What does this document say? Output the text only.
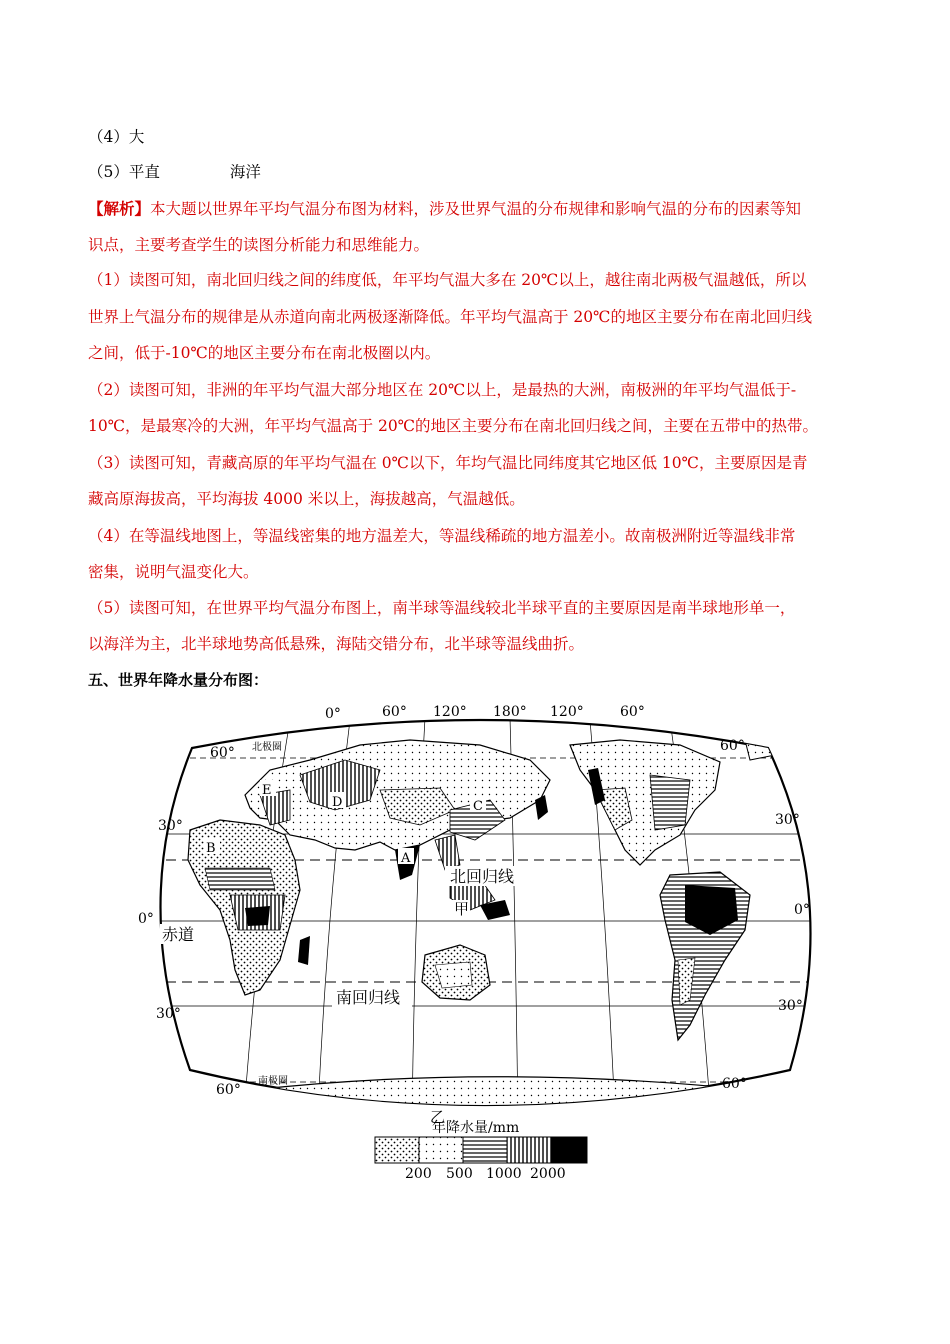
（4）大
（5）平直	海洋
【解析】本大题以世界年平均气温分布图为材料，涉及世界气温的分布规律和影响气温的分布的因素等知
识点，主要考查学生的读图分析能力和思维能力。
（1）读图可知，南北回归线之间的纬度低，年平均气温大多在 20℃以上，越往南北两极气温越低，所以
世界上气温分布的规律是从赤道向南北两极逐渐降低。年平均气温高于 20℃的地区主要分布在南北回归线
之间，低于-10℃的地区主要分布在南北极圈以内。
（2）读图可知，非洲的年平均气温大部分地区在 20℃以上，是最热的大洲，南极洲的年平均气温低于-
10℃，是最寒冷的大洲，年平均气温高于 20℃的地区主要分布在南北回归线之间，主要在五带中的热带。
（3）读图可知，青藏高原的年平均气温在 0℃以下，年均气温比同纬度其它地区低 10℃，主要原因是青
藏高原海拔高，平均海拔 4000 米以上，海拔越高，气温越低。
（4）在等温线地图上，等温线密集的地方温差大，等温线稀疏的地方温差小。故南极洲附近等温线非常
密集，说明气温变化大。
（5）读图可知，在世界平均气温分布图上，南半球等温线较北半球平直的主要原因是南半球地形单一，
以海洋为主，北半球地势高低悬殊，海陆交错分布，北半球等温线曲折。
五、世界年降水量分布图：
0°	60° 120° 180° 120°	60°
60°	60°
30°	30°
0°
0°
30°	30°
60°	60°
北极圈
南极圈
北回归线
南回归线
赤道
A
B
C
D
E
甲
乙
年降水量/mm
200 500 1000 2000
